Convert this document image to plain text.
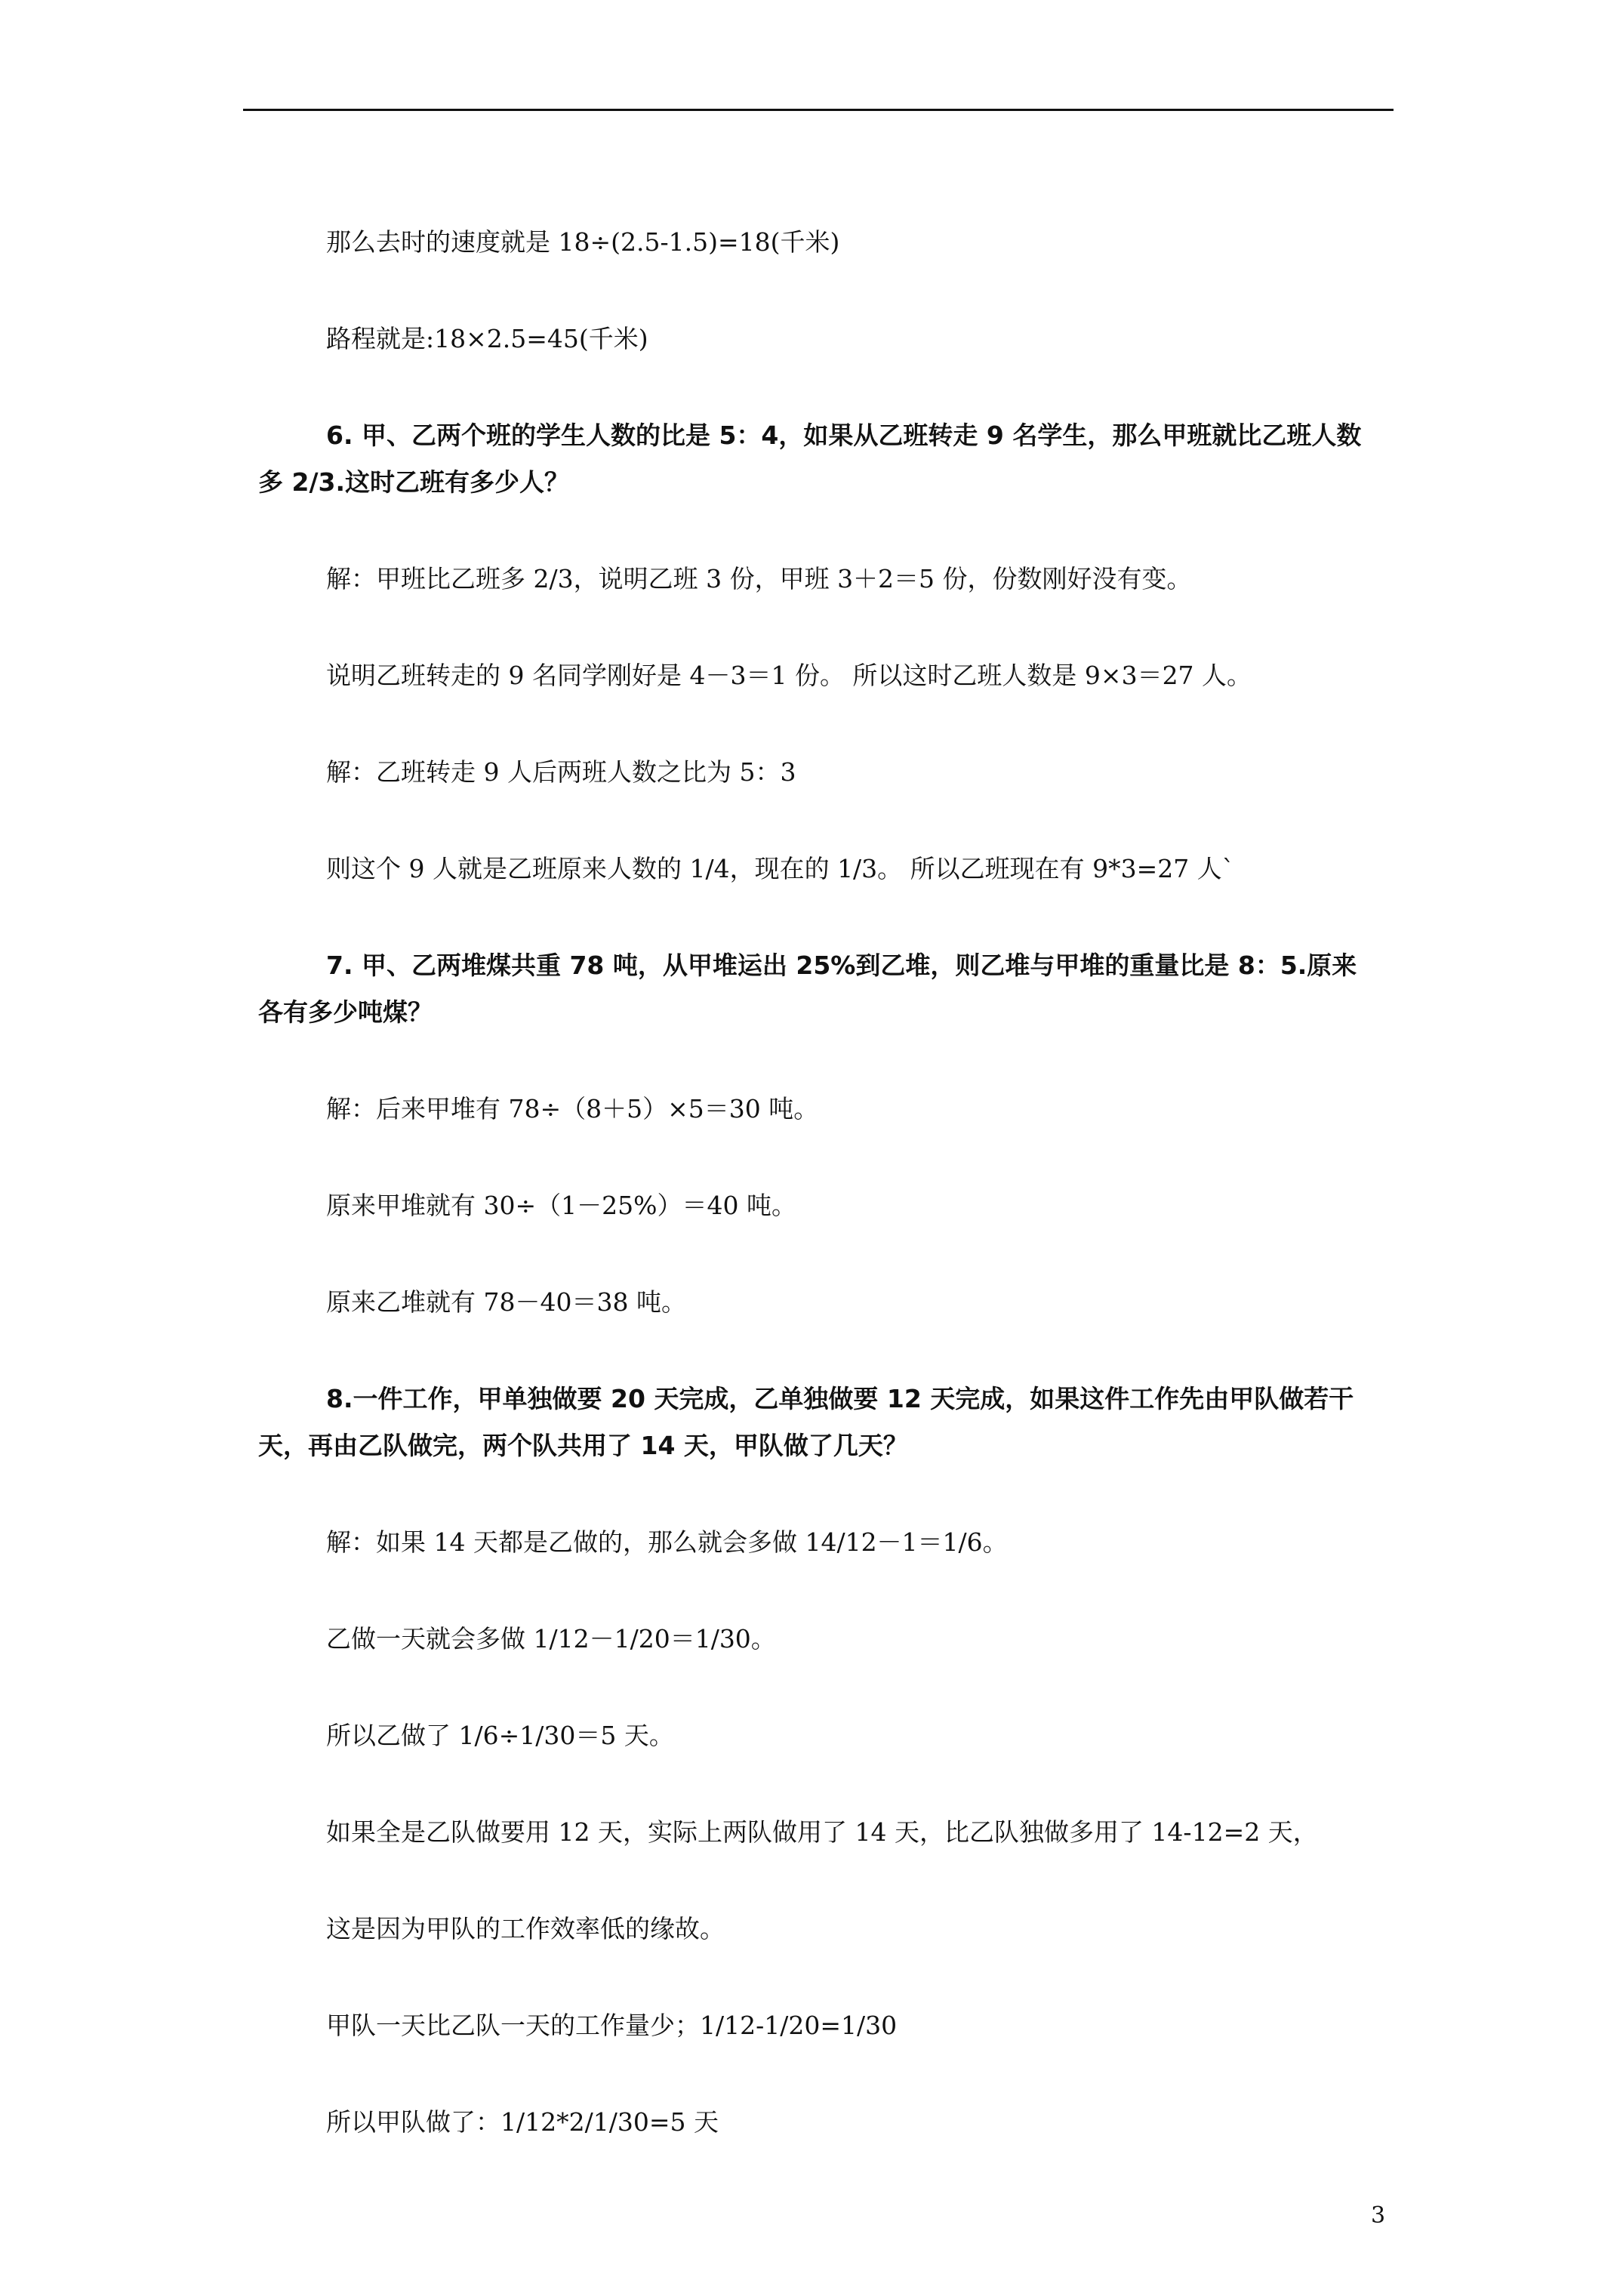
那么去时的速度就是 18÷(2.5-1.5)=18(千米)

路程就是:18×2.5=45(千米)

6. 甲、乙两个班的学生人数的比是 5：4，如果从乙班转走 9 名学生，那么甲班就比乙班人数多 2/3.这时乙班有多少人？

解：甲班比乙班多 2/3，说明乙班 3 份，甲班 3＋2＝5 份，份数刚好没有变。

说明乙班转走的 9 名同学刚好是 4－3＝1 份。 所以这时乙班人数是 9×3＝27 人。

解：乙班转走 9 人后两班人数之比为 5：3

则这个 9 人就是乙班原来人数的 1/4，现在的 1/3。 所以乙班现在有 9*3=27 人`

7. 甲、乙两堆煤共重 78 吨，从甲堆运出 25%到乙堆，则乙堆与甲堆的重量比是 8：5.原来各有多少吨煤？

解：后来甲堆有 78÷（8＋5）×5＝30 吨。

原来甲堆就有 30÷（1－25%）＝40 吨。

原来乙堆就有 78－40＝38 吨。

8.一件工作，甲单独做要 20 天完成，乙单独做要 12 天完成，如果这件工作先由甲队做若干天，再由乙队做完，两个队共用了 14 天，甲队做了几天？

解：如果 14 天都是乙做的，那么就会多做 14/12－1＝1/6。

乙做一天就会多做 1/12－1/20＝1/30。

所以乙做了 1/6÷1/30＝5 天。

如果全是乙队做要用 12 天，实际上两队做用了 14 天，比乙队独做多用了 14-12=2 天，

这是因为甲队的工作效率低的缘故。

甲队一天比乙队一天的工作量少；1/12-1/20=1/30

所以甲队做了：1/12*2/1/30=5 天

3
